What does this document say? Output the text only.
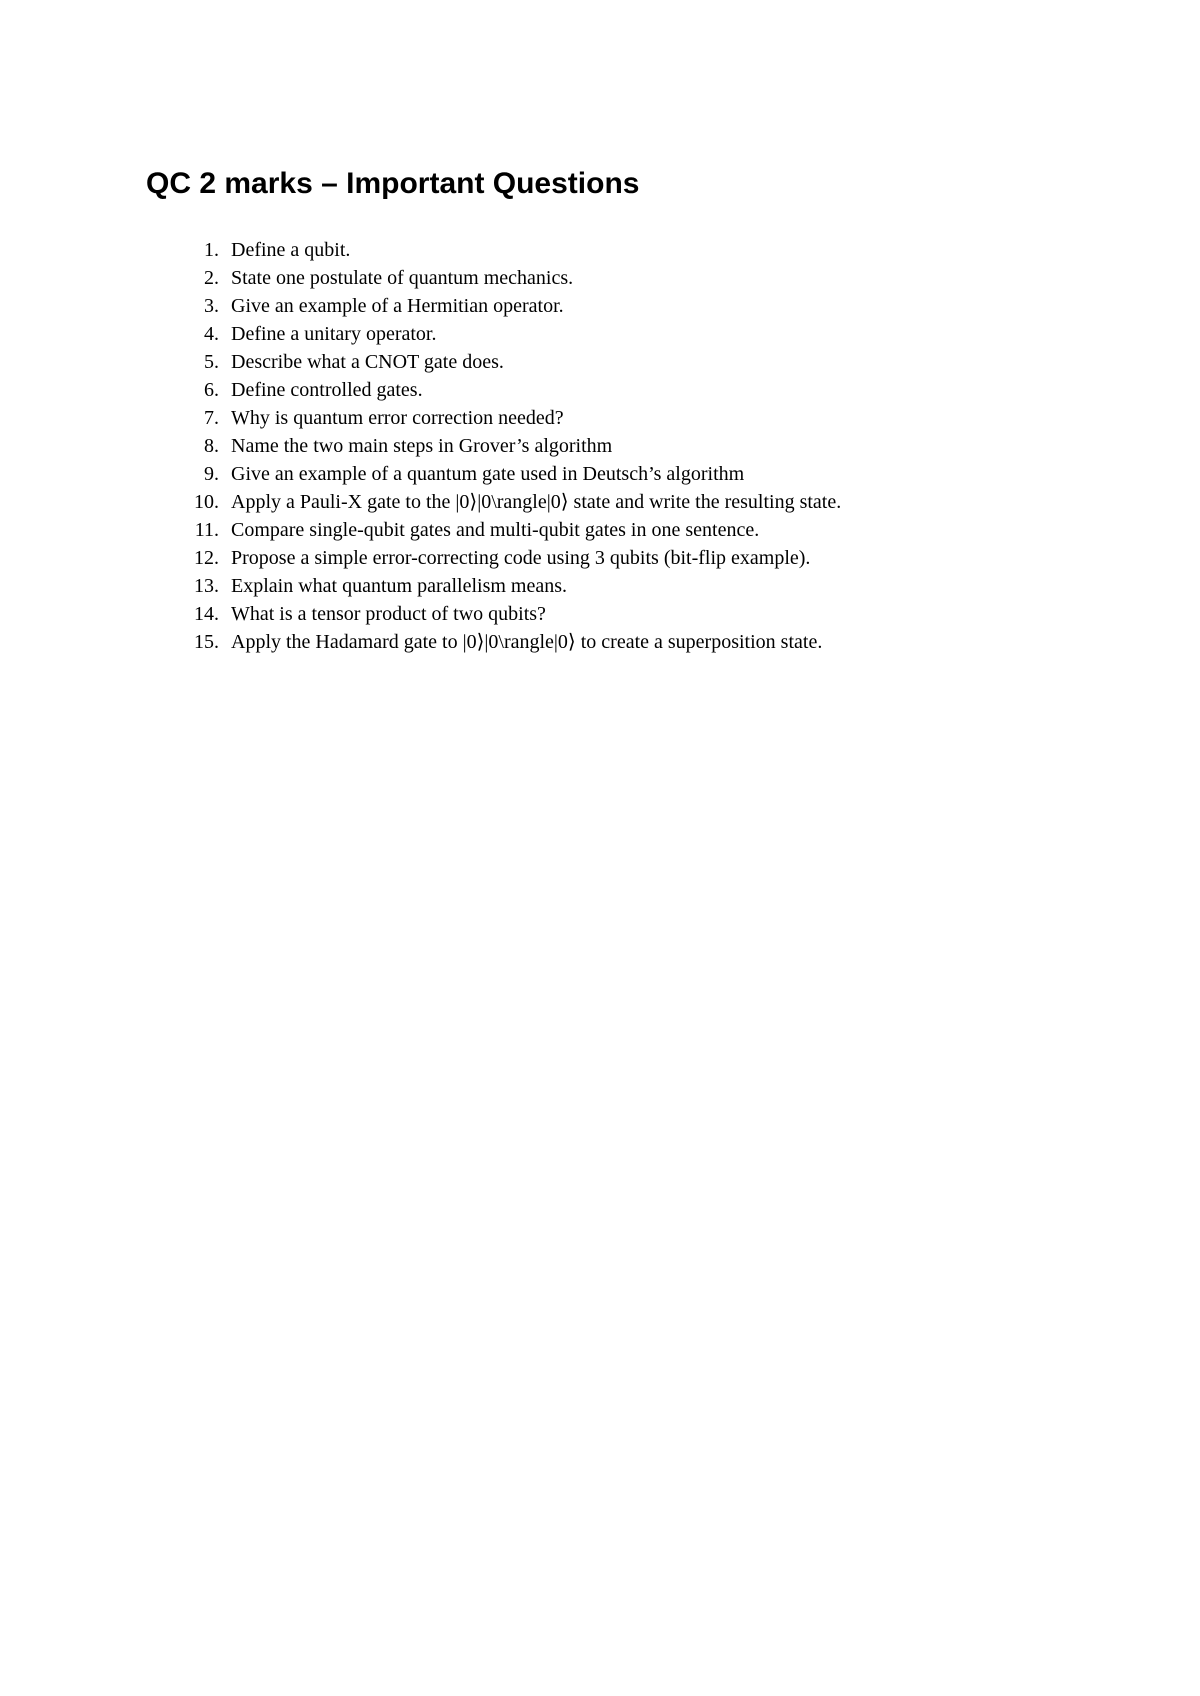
QC 2 marks – Important Questions
1. Define a qubit.
2. State one postulate of quantum mechanics.
3. Give an example of a Hermitian operator.
4. Define a unitary operator.
5. Describe what a CNOT gate does.
6. Define controlled gates.
7. Why is quantum error correction needed?
8. Name the two main steps in Grover’s algorithm
9. Give an example of a quantum gate used in Deutsch’s algorithm
10. Apply a Pauli-X gate to the |0⟩|0\rangle|0⟩ state and write the resulting state.
11. Compare single-qubit gates and multi-qubit gates in one sentence.
12. Propose a simple error-correcting code using 3 qubits (bit-flip example).
13. Explain what quantum parallelism means.
14. What is a tensor product of two qubits?
15. Apply the Hadamard gate to |0⟩|0\rangle|0⟩ to create a superposition state.
